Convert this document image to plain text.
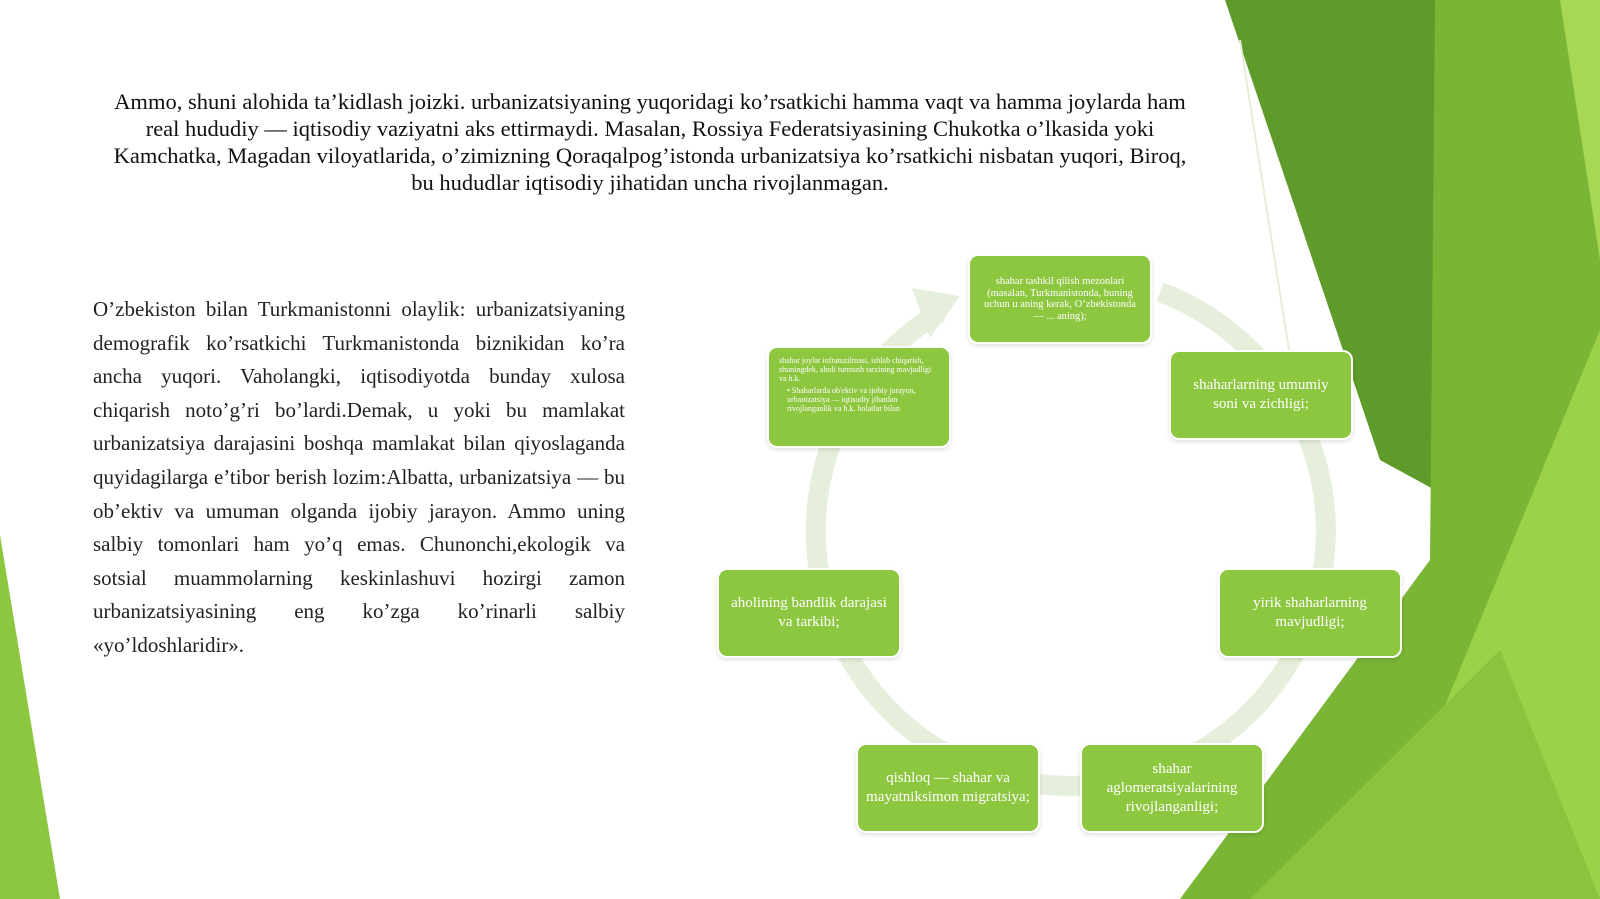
Ammo, shuni alohida ta’kidlash joizki. urbanizatsiyaning yuqoridagi ko’rsatkichi hamma vaqt va hamma joylarda ham real hududiy — iqtisodiy vaziyatni aks ettirmaydi. Masalan, Rossiya Federatsiyasining Chukotka o’lkasida yoki Kamchatka, Magadan viloyatlarida, o’zimizning Qoraqalpog’istonda urbanizatsiya ko’rsatkichi nisbatan yuqori, Biroq, bu hududlar iqtisodiy jihatidan uncha rivojlanmagan.

O’zbekiston bilan Turkmanistonni olaylik: urbanizatsiyaning demografik ko’rsatkichi Turkmanistonda biznikidan ko’ra ancha yuqori. Vaholangki, iqtisodiyotda bunday xulosa chiqarish noto’g’ri bo’lardi.Demak, u yoki bu mamlakat urbanizatsiya darajasini boshqa mamlakat bilan qiyoslaganda quyidagilarga e’tibor berish lozim:Albatta, urbanizatsiya — bu ob’ektiv va umuman olganda ijobiy jarayon. Ammo uning salbiy tomonlari ham yo’q emas. Chunonchi,ekologik va sotsial muammolarning keskinlashuvi hozirgi zamon urbanizatsiyasining eng ko’zga ko’rinarli salbiy «yo’ldoshlaridir».

shahar tashkil qilish mezonlari (masalan, Turkmanistonda, buning uchun u aning kerak, O’zbekistonda — ... aning);
shaharlarning umumiy soni va zichligi;
yirik shaharlarning mavjudligi;
shahar aglomeratsiyalarining rivojlanganligi;
qishloq — shahar va mayatniksimon migratsiya;
aholining bandlik darajasi va tarkibi;
shahar joylar infratuzilmasi, ishlab chiqarish, shuningdek, aholi turmush tarzining mavjudligi va h.k.
• Shaharlarda ob'ektiv va ijobiy jarayon, urbanizatsiya — iqtisodiy jihatdan rivojlanganlik va h.k. holatlar bilan
